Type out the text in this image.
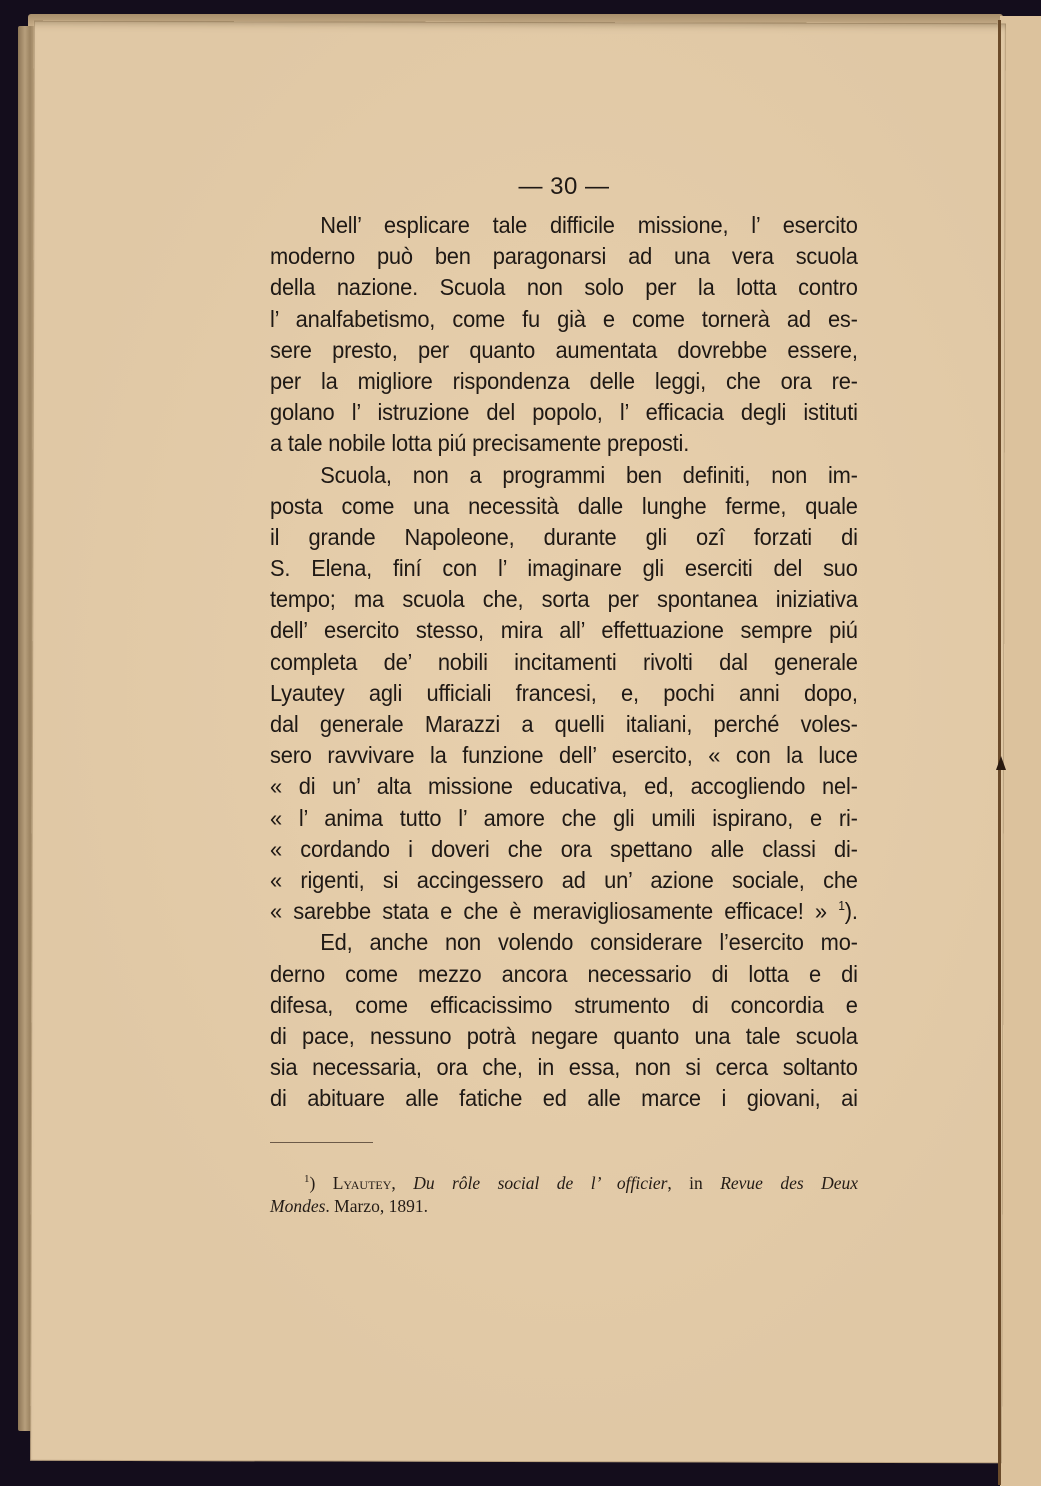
— 30 —
Nell’ esplicare tale difficile missione, l’ esercito
moderno può ben paragonarsi ad una vera scuola
della nazione. Scuola non solo per la lotta contro
l’ analfabetismo, come fu già e come tornerà ad es-
sere presto, per quanto aumentata dovrebbe essere,
per la migliore rispondenza delle leggi, che ora re-
golano l’ istruzione del popolo, l’ efficacia degli istituti
a tale nobile lotta piú precisamente preposti.
Scuola, non a programmi ben definiti, non im-
posta come una necessità dalle lunghe ferme, quale
il grande Napoleone, durante gli ozî forzati di
S. Elena, finí con l’ imaginare gli eserciti del suo
tempo; ma scuola che, sorta per spontanea iniziativa
dell’ esercito stesso, mira all’ effettuazione sempre piú
completa de’ nobili incitamenti rivolti dal generale
Lyautey agli ufficiali francesi, e, pochi anni dopo,
dal generale Marazzi a quelli italiani, perché voles-
sero ravvivare la funzione dell’ esercito, « con la luce
« di un’ alta missione educativa, ed, accogliendo nel-
« l’ anima tutto l’ amore che gli umili ispirano, e ri-
« cordando i doveri che ora spettano alle classi di-
« rigenti, si accingessero ad un’ azione sociale, che
« sarebbe stata e che è meravigliosamente efficace! » $^1$).
Ed, anche non volendo considerare l’esercito mo-
derno come mezzo ancora necessario di lotta e di
difesa, come efficacissimo strumento di concordia e
di pace, nessuno potrà negare quanto una tale scuola
sia necessaria, ora che, in essa, non si cerca soltanto
di abituare alle fatiche ed alle marce i giovani, ai
$^1$) Lyautey, Du rôle social de l’ officier, in Revue des Deux
Mondes. Marzo, 1891.
